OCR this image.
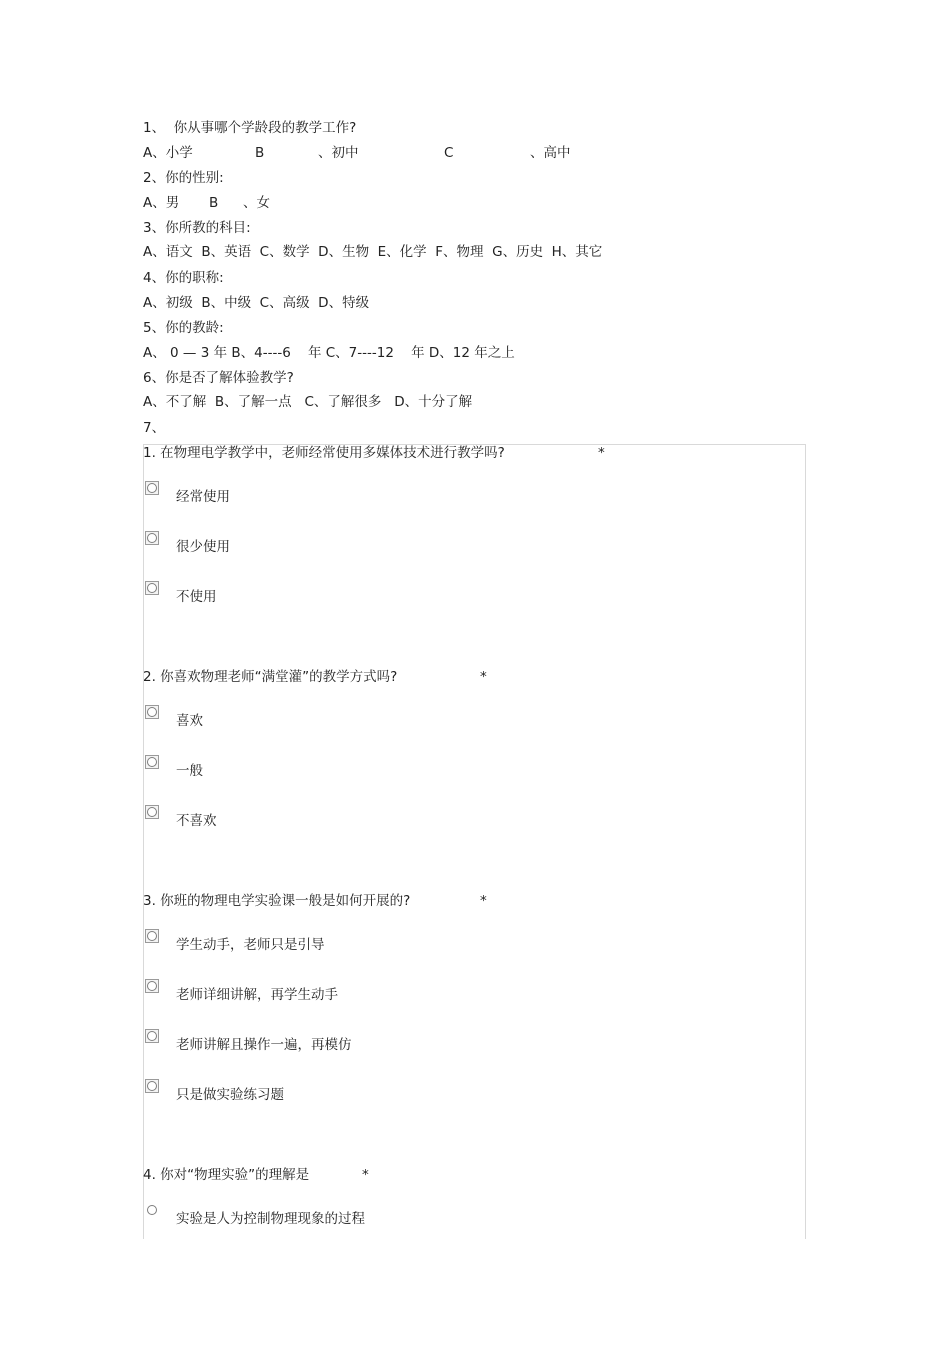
1、  你从事哪个学龄段的教学工作?
A、小学	B	、初中	C	、高中
2、你的性别:
A、男 B 、女
3、你所教的科目:
A、语文  B、英语  C、数学  D、生物  E、化学  F、物理  G、历史  H、其它
4、你的职称:
A、初级  B、中级  C、高级  D、特级
5、你的教龄:
A、 0 — 3 年 B、4----6    年 C、7----12    年 D、12 年之上
6、你是否了解体验教学?
A、不了解  B、了解一点   C、了解很多   D、十分了解
7、
1. 在物理电学教学中，老师经常使用多媒体技术进行教学吗?	*
经常使用
很少使用
不使用
2. 你喜欢物理老师“满堂灌”的教学方式吗?	*
喜欢
一般
不喜欢
3. 你班的物理电学实验课一般是如何开展的?	*
学生动手，老师只是引导
老师详细讲解，再学生动手
老师讲解且操作一遍，再模仿
只是做实验练习题
4. 你对“物理实验”的理解是	*
实验是人为控制物理现象的过程
